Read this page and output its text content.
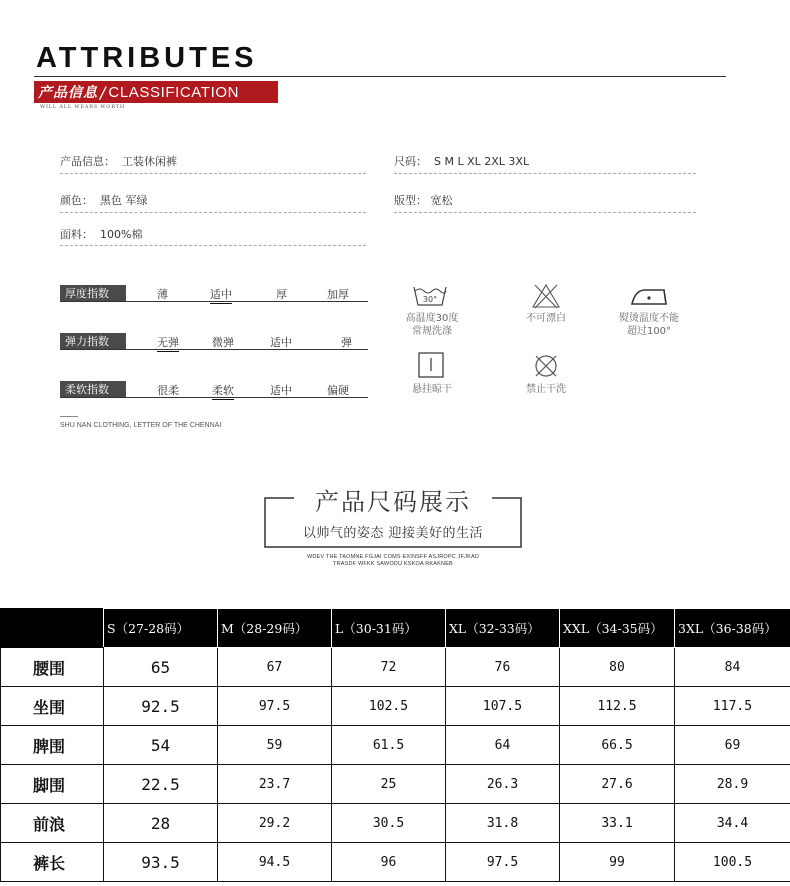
ATTRIBUTES
产品信息 / CLASSIFICATION
WILL ALL WEARS WORTH
产品信息： 工装休闲裤	尺码： S M L XL 2XL 3XL
颜色： 黑色 军绿	版型： 宽松
面料： 100%棉
厚度指数	薄	适中	厚	加厚
弹力指数	无弹	微弹	适中	弹
柔软指数	很柔	柔软	适中	偏硬
SHU NAN CLOTHING, LETTER OF THE CHENNAI
30°
高温度30度
常规洗涤
不可漂白	熨烫温度不能
超过100°
悬挂晾干	禁止干洗
产品尺码展示
以帅气的姿态 迎接美好的生活
WDEV THE TAOMNE FGJAI COMS EXINSFF ASJROPC JFJKAD
TRASDF WFKK SAWODU KSKOA RKAKNEB
	S（27-28码）	M（28-29码）	L（30-31码）	XL（32-33码）	XXL（34-35码）	3XL（36-38码）
腰围	65	67	72	76	80	84
坐围	92.5	97.5	102.5	107.5	112.5	117.5
脾围	54	59	61.5	64	66.5	69
脚围	22.5	23.7	25	26.3	27.6	28.9
前浪	28	29.2	30.5	31.8	33.1	34.4
裤长	93.5	94.5	96	97.5	99	100.5
